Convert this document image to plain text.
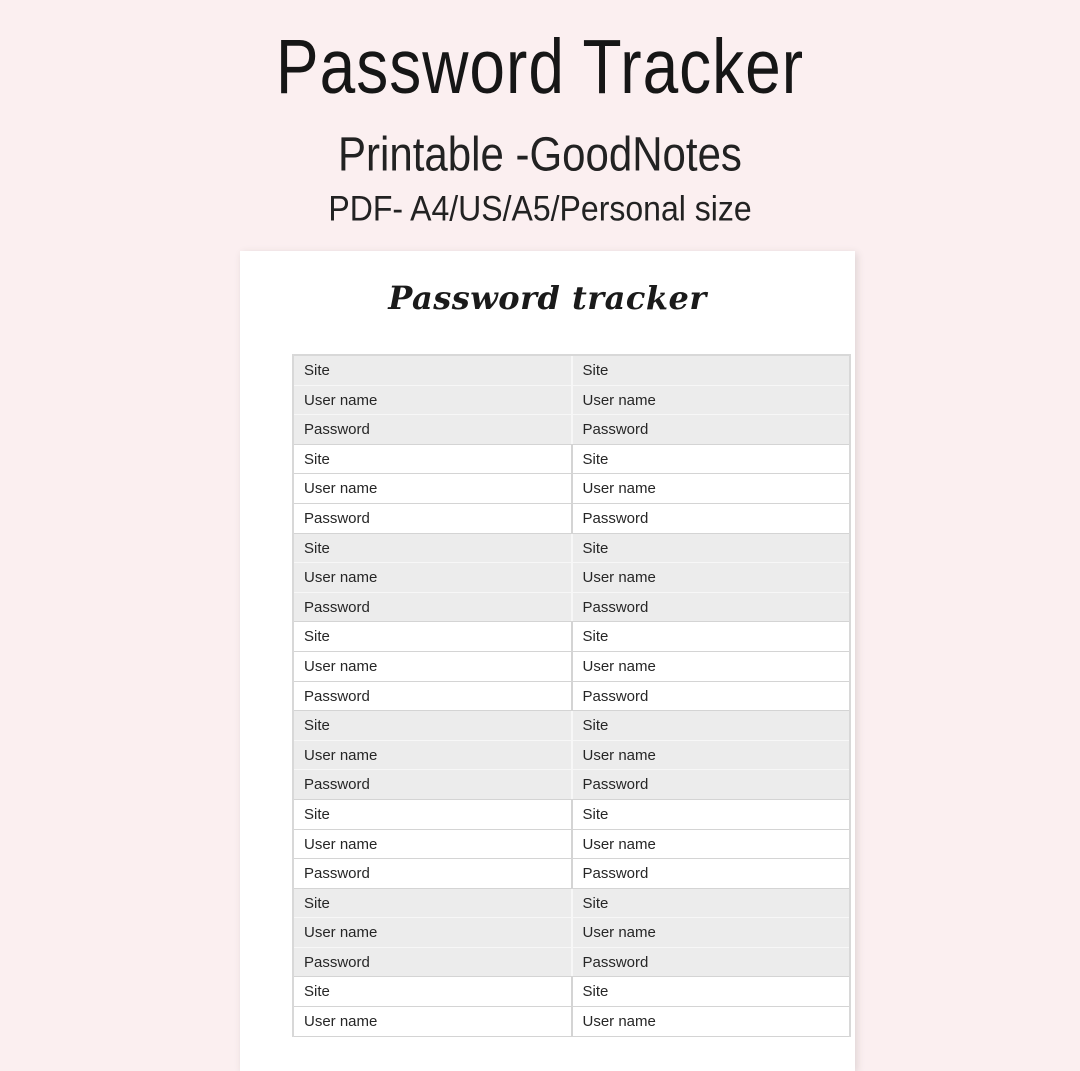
Password Tracker
Printable -GoodNotes
PDF- A4/US/A5/Personal size
Password tracker
Site	Site
User name	User name
Password	Password
Site	Site
User name	User name
Password	Password
Site	Site
User name	User name
Password	Password
Site	Site
User name	User name
Password	Password
Site	Site
User name	User name
Password	Password
Site	Site
User name	User name
Password	Password
Site	Site
User name	User name
Password	Password
Site	Site
User name	User name
